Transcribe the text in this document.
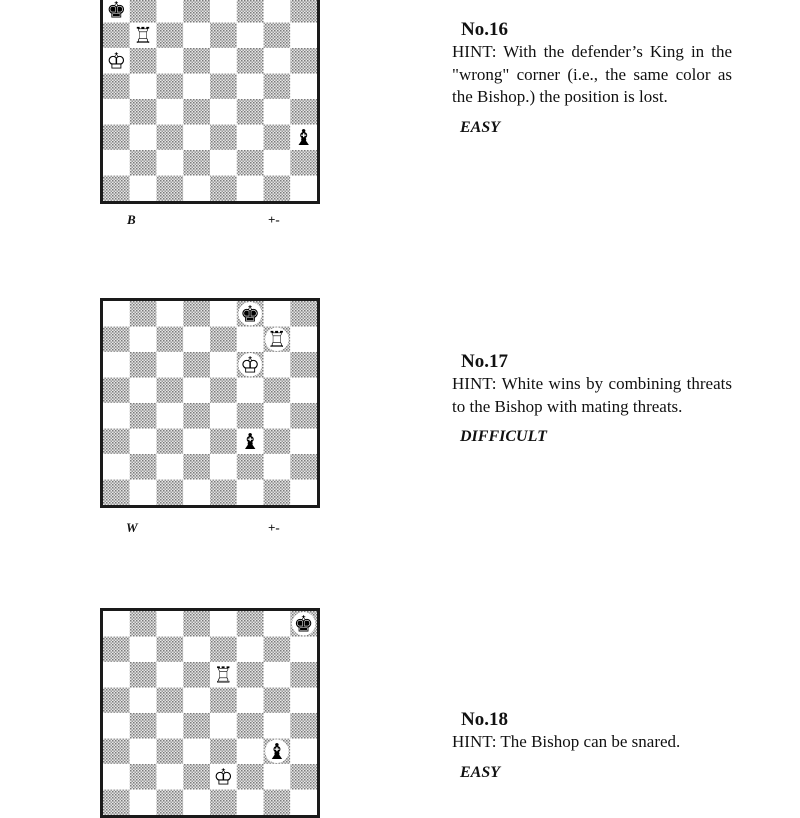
♚
♖
♔
♝
B	+-
No.16
HINT: With the defender’s King in the "wrong" corner (i.e., the same color as the Bishop.) the position is lost.
EASY
♚
♖
♔
♝
W	+-
No.17
HINT: White wins by combining threats to the Bishop with mating threats.
DIFFICULT
♚
♖
♝
♔
No.18
HINT: The Bishop can be snared.
EASY
